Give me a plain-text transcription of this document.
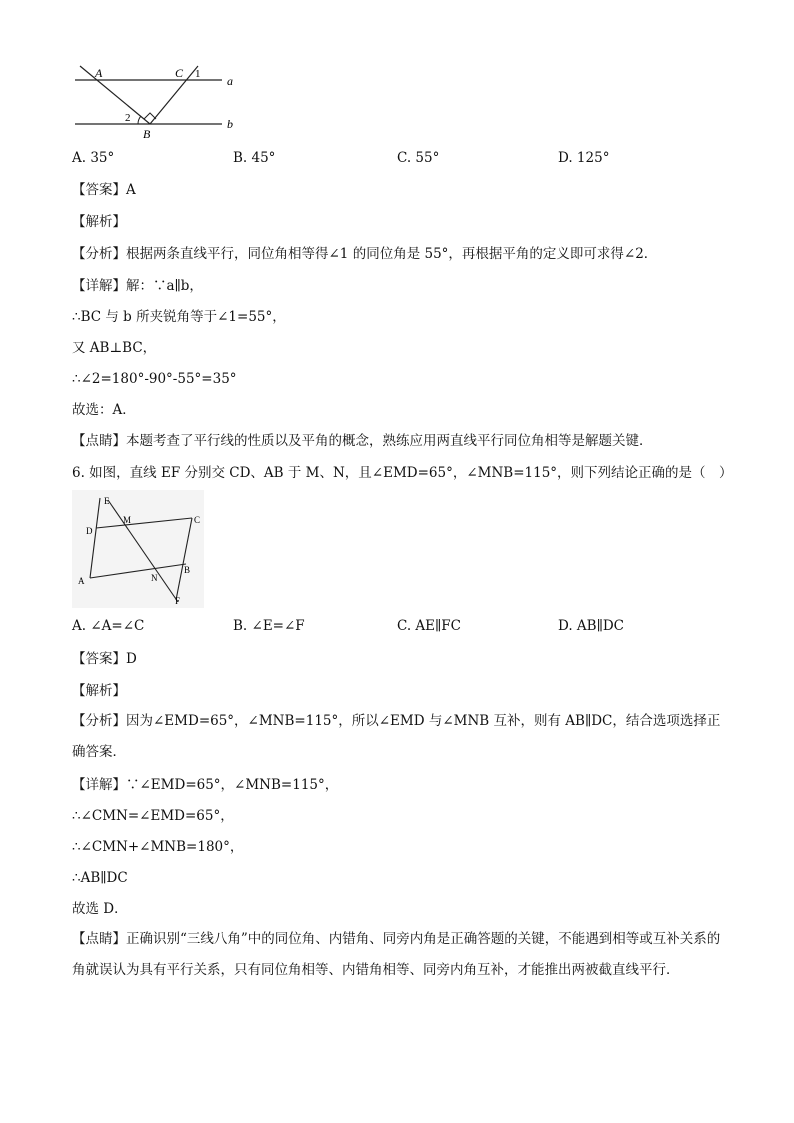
A	C 1 a
2
B
b
A. 35°	B. 45°	C. 55°	D. 125°
【答案】A
【解析】
【分析】根据两条直线平行，同位角相等得∠1 的同位角是 55°，再根据平角的定义即可求得∠2．
【详解】解：∵a∥b，
∴BC 与 b 所夹锐角等于∠1=55°，
又 AB⊥BC，
∴∠2=180°-90°-55°=35°
故选：A．
【点睛】本题考查了平行线的性质以及平角的概念，熟练应用两直线平行同位角相等是解题关键．
6. 如图，直线 EF 分别交 CD、AB 于 M、N，且∠EMD=65°，∠MNB=115°，则下列结论正确的是（　）
E
D
M	C
A	N
B
F
A. ∠A=∠C	B. ∠E=∠F	C. AE∥FC	D. AB∥DC
【答案】D
【解析】
【分析】因为∠EMD=65°，∠MNB=115°，所以∠EMD 与∠MNB 互补，则有 AB∥DC，结合选项选择正确答案．
【详解】∵∠EMD=65°，∠MNB=115°，
∴∠CMN=∠EMD=65°，
∴∠CMN+∠MNB=180°，
∴AB∥DC
故选 D．
【点睛】正确识别“三线八角”中的同位角、内错角、同旁内角是正确答题的关键，不能遇到相等或互补关系的角就误认为具有平行关系，只有同位角相等、内错角相等、同旁内角互补，才能推出两被截直线平行．
